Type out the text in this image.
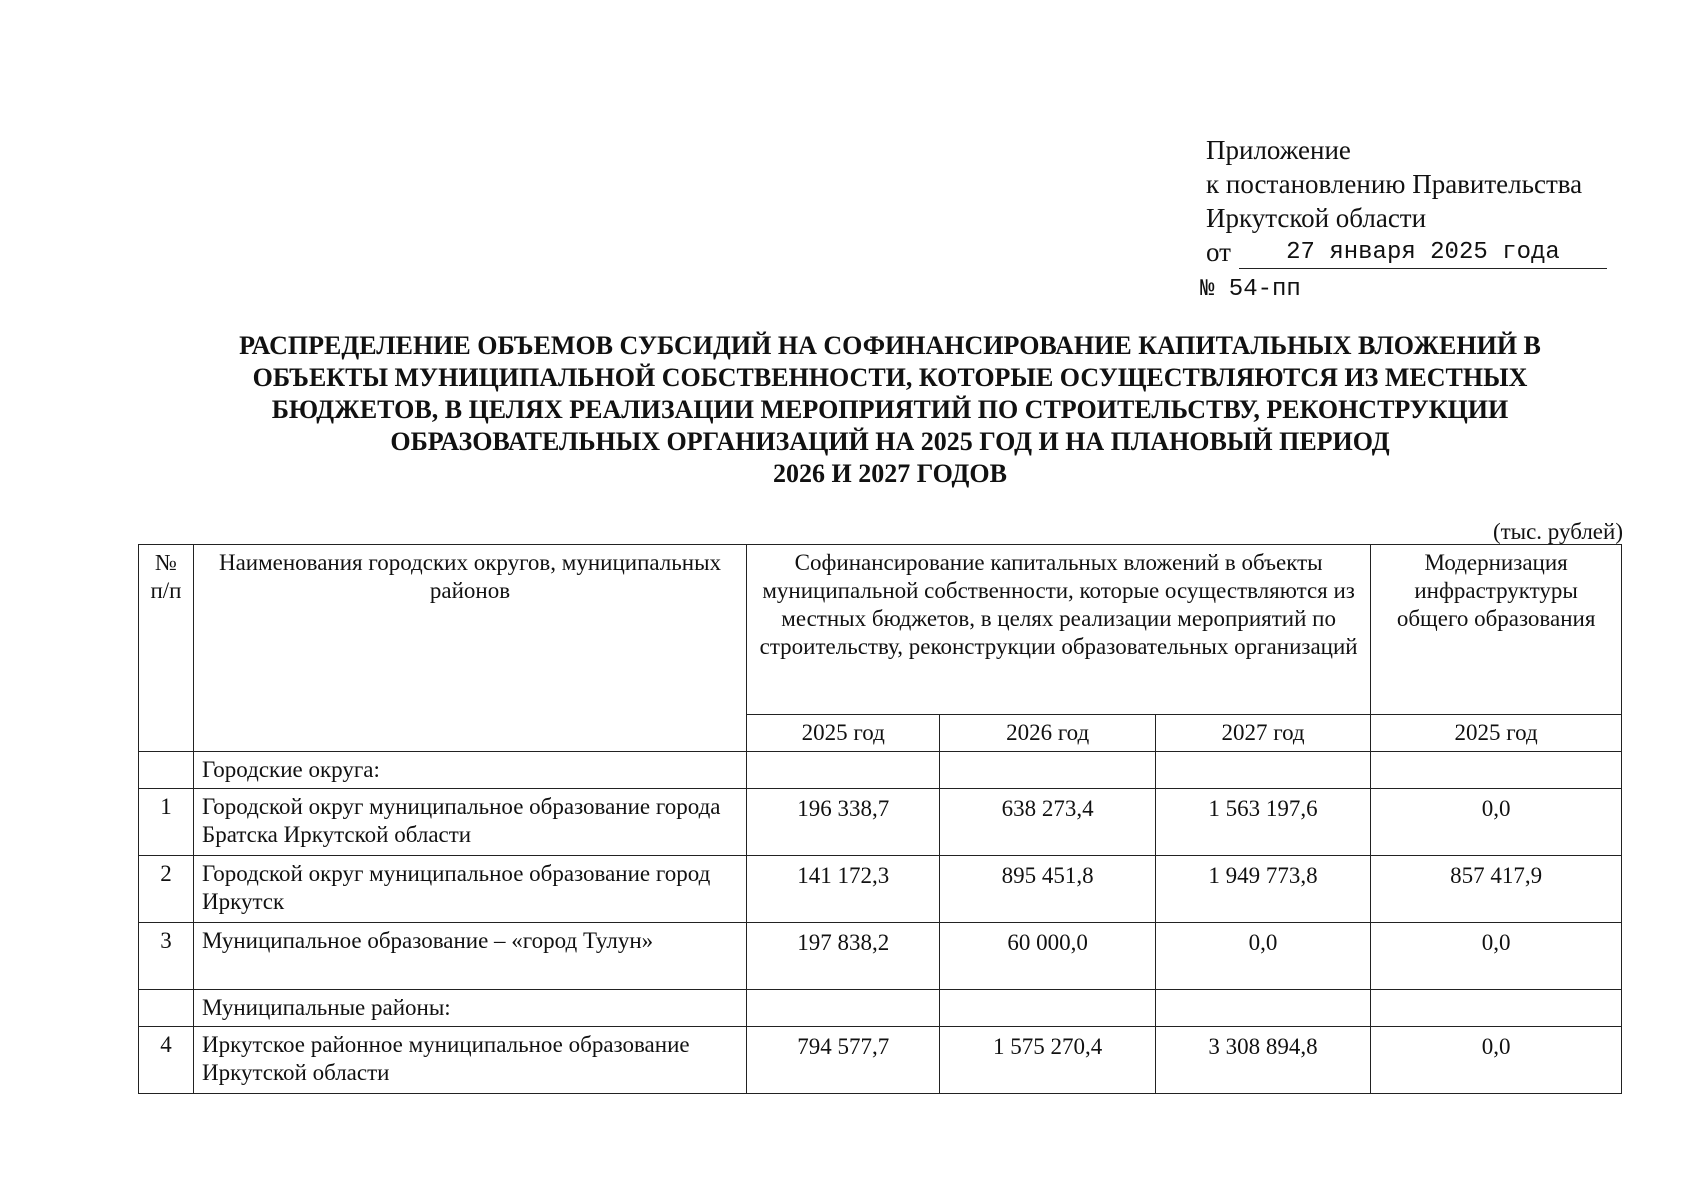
Приложение
к постановлению Правительства
Иркутской области
от	27 января 2025 года
№ 54-пп
РАСПРЕДЕЛЕНИЕ ОБЪЕМОВ СУБСИДИЙ НА СОФИНАНСИРОВАНИЕ КАПИТАЛЬНЫХ ВЛОЖЕНИЙ В
ОБЪЕКТЫ МУНИЦИПАЛЬНОЙ СОБСТВЕННОСТИ, КОТОРЫЕ ОСУЩЕСТВЛЯЮТСЯ ИЗ МЕСТНЫХ
БЮДЖЕТОВ, В ЦЕЛЯХ РЕАЛИЗАЦИИ МЕРОПРИЯТИЙ ПО СТРОИТЕЛЬСТВУ, РЕКОНСТРУКЦИИ
ОБРАЗОВАТЕЛЬНЫХ ОРГАНИЗАЦИЙ НА 2025 ГОД И НА ПЛАНОВЫЙ ПЕРИОД
2026 И 2027 ГОДОВ
(тыс. рублей)
№ п/п	Наименования городских округов, муниципальных районов	Софинансирование капитальных вложений в объекты муниципальной собственности, которые осуществляются из местных бюджетов, в целях реализации мероприятий по строительству, реконструкции образовательных организаций			Модернизация инфраструктуры общего образования
		2025 год	2026 год	2027 год	2025 год
	Городские округа:				
1	Городской округ муниципальное образование города Братска Иркутской области	196 338,7	638 273,4	1 563 197,6	0,0
2	Городской округ муниципальное образование город Иркутск	141 172,3	895 451,8	1 949 773,8	857 417,9
3	Муниципальное образование – «город Тулун»	197 838,2	60 000,0	0,0	0,0
	Муниципальные районы:				
4	Иркутское районное муниципальное образование Иркутской области	794 577,7	1 575 270,4	3 308 894,8	0,0
